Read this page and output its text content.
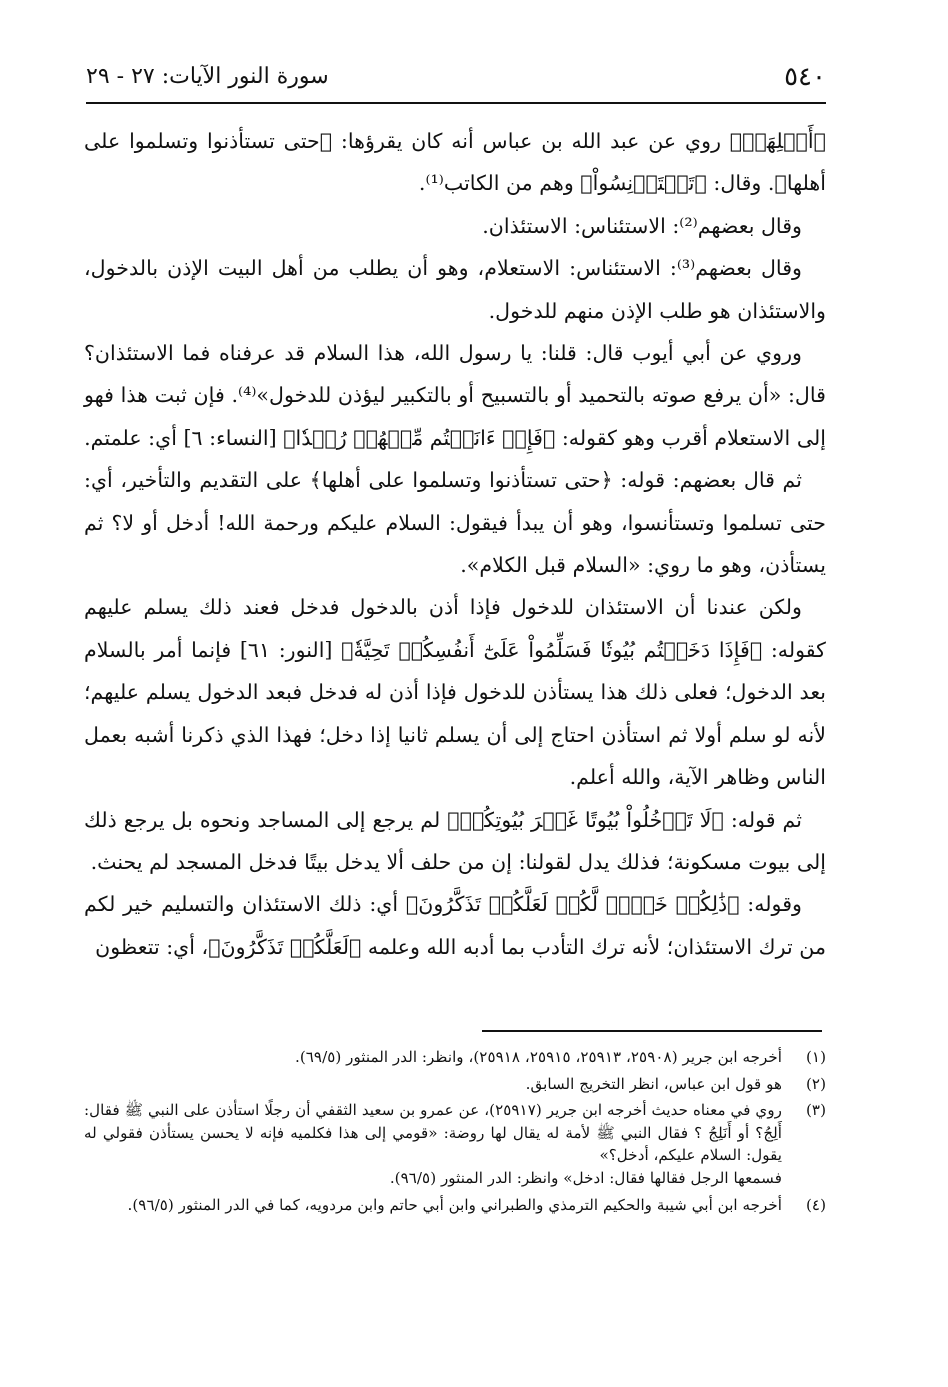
٥٤٠
سورة النور الآيات: ٢٧ - ٢٩

﴿أَهۡلِهَاۚ﴾ روي عن عبد الله بن عباس أنه كان يقرؤها: ﴿حتى تستأذنوا وتسلموا على أهلها﴾. وقال: ﴿تَسۡتَأۡنِسُواْ﴾ وهم من الكاتب⁽¹⁾.

وقال بعضهم⁽²⁾: الاستئناس: الاستئذان.

وقال بعضهم⁽³⁾: الاستئناس: الاستعلام، وهو أن يطلب من أهل البيت الإذن بالدخول، والاستئذان هو طلب الإذن منهم للدخول.

وروي عن أبي أيوب قال: قلنا: يا رسول الله، هذا السلام قد عرفناه فما الاستئذان؟ قال: «أن يرفع صوته بالتحميد أو بالتسبيح أو بالتكبير ليؤذن للدخول»⁽⁴⁾. فإن ثبت هذا فهو إلى الاستعلام أقرب وهو كقوله: ﴿فَإِنۡ ءَانَسۡتُم مِّنۡهُمۡ رُشۡدٗا﴾ [النساء: ٦] أي: علمتم.

ثم قال بعضهم: قوله: ﴿حتى تستأذنوا وتسلموا على أهلها﴾ على التقديم والتأخير، أي: حتى تسلموا وتستأنسوا، وهو أن يبدأ فيقول: السلام عليكم ورحمة الله! أدخل أو لا؟ ثم يستأذن، وهو ما روي: «السلام قبل الكلام».

ولكن عندنا أن الاستئذان للدخول فإذا أذن بالدخول فدخل فعند ذلك يسلم عليهم كقوله: ﴿فَإِذَا دَخَلۡتُم بُيُوتٗا فَسَلِّمُواْ عَلَىٰٓ أَنفُسِكُمۡ تَحِيَّةٗ﴾ [النور: ٦١] فإنما أمر بالسلام بعد الدخول؛ فعلى ذلك هذا يستأذن للدخول فإذا أذن له فدخل فبعد الدخول يسلم عليهم؛ لأنه لو سلم أولا ثم استأذن احتاج إلى أن يسلم ثانيا إذا دخل؛ فهذا الذي ذكرنا أشبه بعمل الناس وظاهر الآية، والله أعلم.

ثم قوله: ﴿لَا تَدۡخُلُواْ بُيُوتًا غَيۡرَ بُيُوتِكُمۡ﴾ لم يرجع إلى المساجد ونحوه بل يرجع ذلك إلى بيوت مسكونة؛ فذلك يدل لقولنا: إن من حلف ألا يدخل بيتًا فدخل المسجد لم يحنث.

وقوله: ﴿ذَٰلِكُمۡ خَيۡرٞ لَّكُمۡ لَعَلَّكُمۡ تَذَكَّرُونَ﴾ أي: ذلك الاستئذان والتسليم خير لكم من ترك الاستئذان؛ لأنه ترك التأدب بما أدبه الله وعلمه ﴿لَعَلَّكُمۡ تَذَكَّرُونَ﴾، أي: تتعظون

(١)
أخرجه ابن جرير (٢٥٩٠٨، ٢٥٩١٣، ٢٥٩١٥، ٢٥٩١٨)، وانظر: الدر المنثور (٦٩/٥).
(٢)
هو قول ابن عباس، انظر التخريج السابق.
(٣)
روي في معناه حديث أخرجه ابن جرير (٢٥٩١٧)، عن عمرو بن سعيد الثقفي أن رجلًا استأذن على النبي ﷺ فقال: أَلِجُ؟ أو أَنَلِجُ ؟ فقال النبي ﷺ لأمة له يقال لها روضة: «قومي إلى هذا فكلميه فإنه لا يحسن يستأذن فقولي له يقول: السلام عليكم، أدخل؟»
فسمعها الرجل فقالها فقال: ادخل» وانظر: الدر المنثور (٩٦/٥).
(٤)
أخرجه ابن أبي شيبة والحكيم الترمذي والطبراني وابن أبي حاتم وابن مردويه، كما في الدر المنثور (٩٦/٥).
